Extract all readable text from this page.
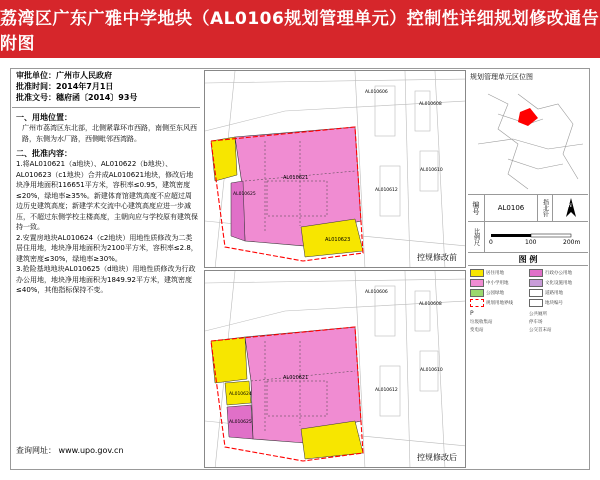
荔湾区广东广雅中学地块（AL0106规划管理单元）控制性详细规划修改通告附图
审批单位：广州市人民政府
批准时间：2014年7月1日
批准文号：穗府函〔2014〕93号
一、用地位置：
广州市荔湾区东北部，北侧紧靠环市西路，南侧至东风西路，东侧为水厂路，西侧毗邻西湾路。
二、批准内容：
1.将AL010621（a地块）、AL010622（b地块）、AL010623（c1地块）合并成AL010621地块，修改后地块净用地面积116651平方米，容积率≤0.95，建筑密度≤20%，绿地率≥35%。新建体育馆建筑高度不应超过周边历史建筑高度；新建学术交流中心建筑高度应进一步减压，不超过东侧学校主楼高度，主朝向应与学校原有建筑保持一致。
2.安置房地块AL010624（c2地块）用地性质修改为二类居住用地，地块净用地面积为2100平方米，容积率≤2.8，建筑密度≤30%，绿地率≥30%。
3.抢险基地地块AL010625（d地块）用地性质修改为行政办公用地，地块净用地面积为1849.92平方米，建筑密度≤40%，其他指标保持不变。
查询网址： www.upo.gov.cn
AL010621
AL010623
AL010625
AL010606
AL010608
AL010610
AL010612
控规修改前
AL010621
AL010624
AL010625
AL010606
AL010608
AL010610
AL010612
控规修改后
规划管理单元区位图
编号	AL0106	指北针	N
比例尺	0	100	200m
图 例
居住用地	行政办公用地
中小学用地	文化设施用地
公园绿地	道路用地
规划用地界线	地块编号
P	公共厕所
垃圾收集站	停车场
变电站	公交首末站
